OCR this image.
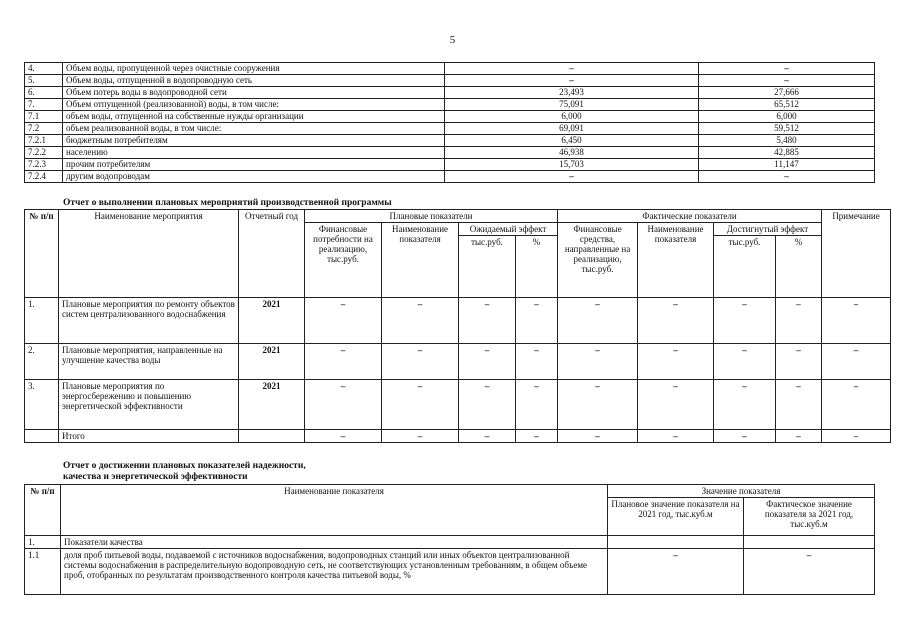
5
4.	Объем воды, пропущенной через очистные сооружения	–	–
5.	Объем воды, отпущенной в водопроводную сеть	–	–
6.	Объем потерь воды в водопроводной сети	23,493	27,666
7.	Объем отпущенной (реализованной) воды, в том числе:	75,091	65,512
7.1	объем воды, отпущенной на собственные нужды организации	6,000	6,000
7.2	объем реализованной воды, в том числе:	69,091	59,512
7.2.1	бюджетным потребителям	6,450	5,480
7.2.2	населению	46,938	42,885
7.2.3	прочим потребителям	15,703	11,147
7.2.4	другим водопроводам	–	–
Отчет о выполнении плановых мероприятий производственной программы
№ п/п	Наименование мероприятия	Отчетный год	Плановые показатели				Фактические показатели				Примечание
			Финансовые потребности на реализацию, тыс.руб.	Наименование показателя	Ожидаемый эффект		Финансовые средства, направленные на реализацию, тыс.руб.	Наименование показателя	Достигнутый эффект		
					тыс.руб.	%			тыс.руб.	%	
1.	Плановые мероприятия по ремонту объектов систем централизованного водоснабжения	2021	–	–	–	–	–	–	–	–	–
2.	Плановые мероприятия, направленные на улучшение качества воды	2021	–	–	–	–	–	–	–	–	–
3.	Плановые мероприятия по энергосбережению и повышению энергетической эффективности	2021	–	–	–	–	–	–	–	–	–
	Итого		–	–	–	–	–	–	–	–	–
Отчет о достижении плановых показателей надежности,
качества и энергетической эффективности
№ п/п	Наименование показателя	Значение показателя	
		Плановое значение показателя на 2021 год, тыс.куб.м	Фактическое значение показателя за 2021 год, тыс.куб.м
1.	Показатели качества		
1.1	доля проб питьевой воды, подаваемой с источников водоснабжения, водопроводных станций или иных объектов централизованной системы водоснабжения в распределительную водопроводную сеть, не соответствующих установленным требованиям, в общем объеме проб, отобранных по результатам производственного контроля качества питьевой воды, %	–	–
